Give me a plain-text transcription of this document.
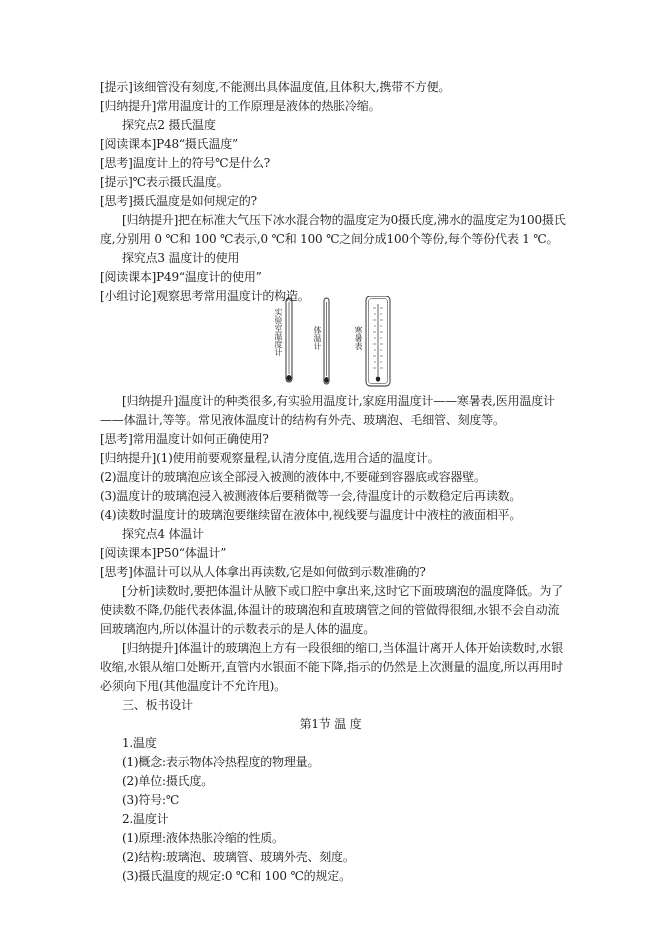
[提示]该细管没有刻度,不能测出具体温度值,且体积大,携带不方便。
[归纳提升]常用温度计的工作原理是液体的热胀冷缩。
探究点2 摄氏温度
[阅读课本]P48“摄氏温度”
[思考]温度计上的符号℃是什么?
[提示]℃表示摄氏温度。
[思考]摄氏温度是如何规定的?
[归纳提升]把在标准大气压下冰水混合物的温度定为0摄氏度,沸水的温度定为100摄氏
度,分别用 0 ℃和 100 ℃表示,0 ℃和 100 ℃之间分成100个等份,每个等份代表 1 ℃。
探究点3 温度计的使用
[阅读课本]P49“温度计的使用”
[小组讨论]观察思考常用温度计的构造。
实验室温度计	体温计	寒暑表
[归纳提升]温度计的种类很多,有实验用温度计,家庭用温度计——寒暑表,医用温度计
——体温计,等等。常见液体温度计的结构有外壳、玻璃泡、毛细管、刻度等。
[思考]常用温度计如何正确使用?
[归纳提升](1)使用前要观察量程,认清分度值,选用合适的温度计。
(2)温度计的玻璃泡应该全部浸入被测的液体中,不要碰到容器底或容器壁。
(3)温度计的玻璃泡浸入被测液体后要稍微等一会,待温度计的示数稳定后再读数。
(4)读数时温度计的玻璃泡要继续留在液体中,视线要与温度计中液柱的液面相平。
探究点4 体温计
[阅读课本]P50“体温计”
[思考]体温计可以从人体拿出再读数,它是如何做到示数准确的?
[分析]读数时,要把体温计从腋下或口腔中拿出来,这时它下面玻璃泡的温度降低。为了
使读数不降,仍能代表体温,体温计的玻璃泡和直玻璃管之间的管做得很细,水银不会自动流
回玻璃泡内,所以体温计的示数表示的是人体的温度。
[归纳提升]体温计的玻璃泡上方有一段很细的缩口,当体温计离开人体开始读数时,水银
收缩,水银从缩口处断开,直管内水银面不能下降,指示的仍然是上次测量的温度,所以再用时
必须向下甩(其他温度计不允许甩)。
三、板书设计
第1节 温 度
1.温度
(1)概念:表示物体冷热程度的物理量。
(2)单位:摄氏度。
(3)符号:℃
2.温度计
(1)原理:液体热胀冷缩的性质。
(2)结构:玻璃泡、玻璃管、玻璃外壳、刻度。
(3)摄氏温度的规定:0 ℃和 100 ℃的规定。
